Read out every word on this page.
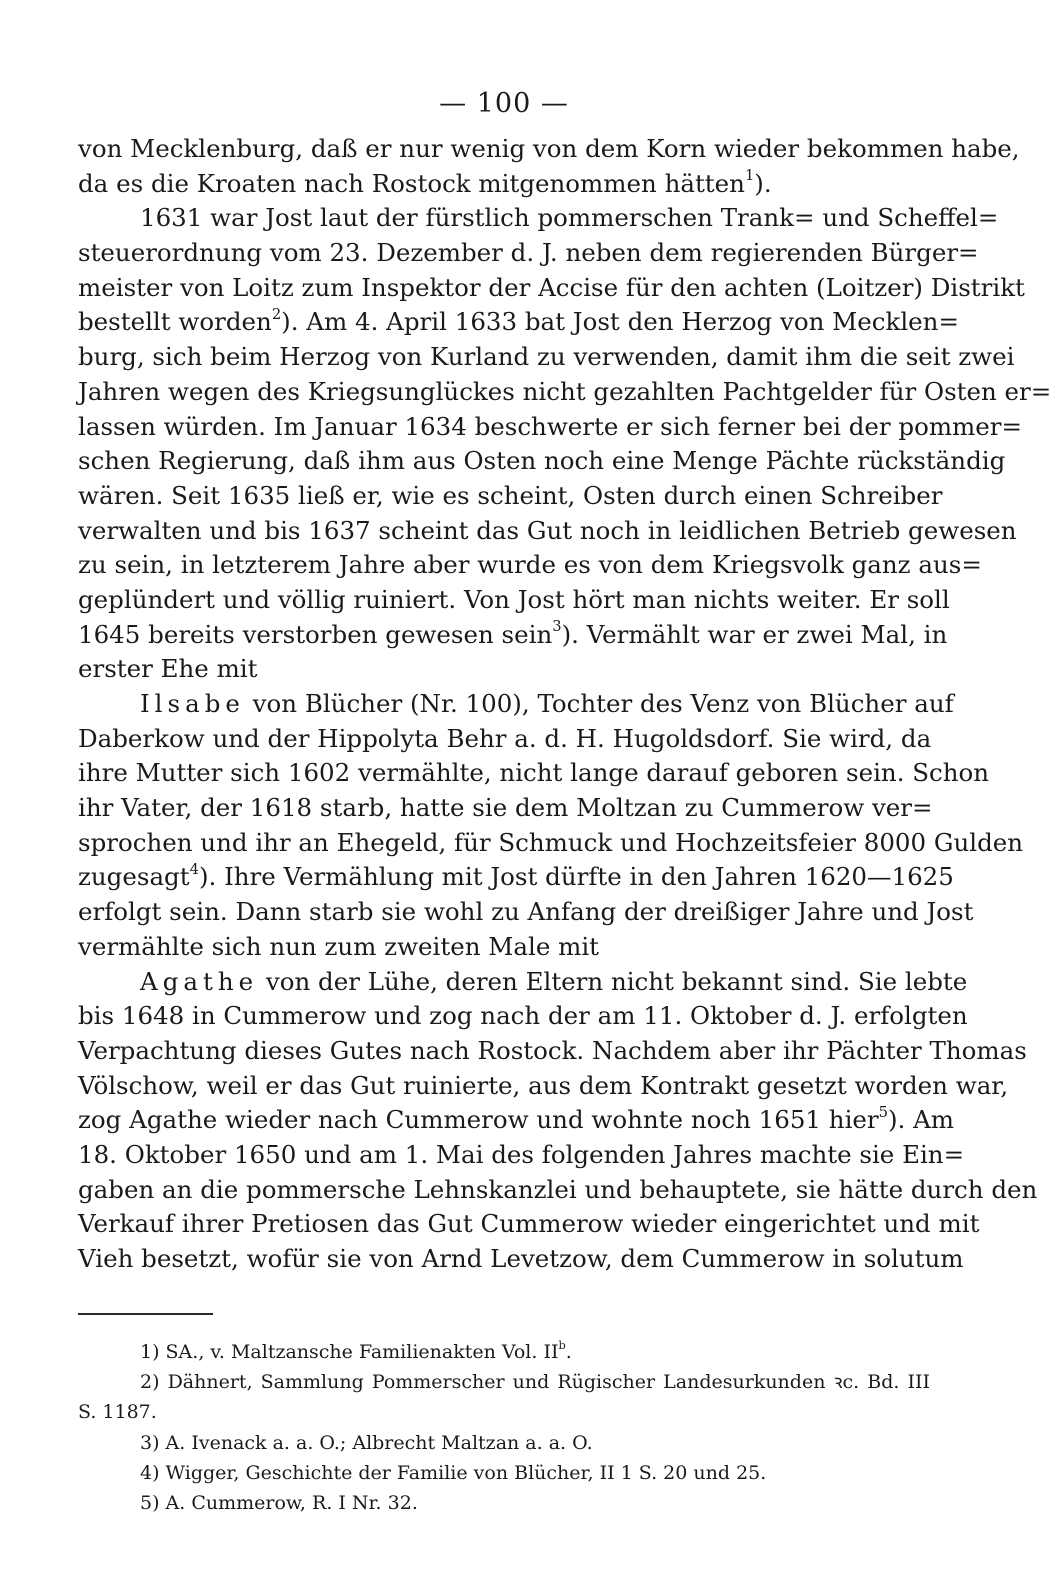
— 100 —
von Mecklenburg, daß er nur wenig von dem Korn wieder bekommen habe,
da es die Kroaten nach Rostock mitgenommen hätten$^1$).
1631 war Jost laut der fürstlich pommerschen Trank= und Scheffel=
steuerordnung vom 23. Dezember d. J. neben dem regierenden Bürger=
meister von Loitz zum Inspektor der Accise für den achten (Loitzer) Distrikt
bestellt worden$^2$). Am 4. April 1633 bat Jost den Herzog von Mecklen=
burg, sich beim Herzog von Kurland zu verwenden, damit ihm die seit zwei
Jahren wegen des Kriegsunglückes nicht gezahlten Pachtgelder für Osten er=
lassen würden. Im Januar 1634 beschwerte er sich ferner bei der pommer=
schen Regierung, daß ihm aus Osten noch eine Menge Pächte rückständig
wären. Seit 1635 ließ er, wie es scheint, Osten durch einen Schreiber
verwalten und bis 1637 scheint das Gut noch in leidlichen Betrieb gewesen
zu sein, in letzterem Jahre aber wurde es von dem Kriegsvolk ganz aus=
geplündert und völlig ruiniert. Von Jost hört man nichts weiter. Er soll
1645 bereits verstorben gewesen sein$^3$). Vermählt war er zwei Mal, in
erster Ehe mit
Ilsabe von Blücher (Nr. 100), Tochter des Venz von Blücher auf
Daberkow und der Hippolyta Behr a. d. H. Hugoldsdorf. Sie wird, da
ihre Mutter sich 1602 vermählte, nicht lange darauf geboren sein. Schon
ihr Vater, der 1618 starb, hatte sie dem Moltzan zu Cummerow ver=
sprochen und ihr an Ehegeld, für Schmuck und Hochzeitsfeier 8000 Gulden
zugesagt$^4$). Ihre Vermählung mit Jost dürfte in den Jahren 1620—1625
erfolgt sein. Dann starb sie wohl zu Anfang der dreißiger Jahre und Jost
vermählte sich nun zum zweiten Male mit
Agathe von der Lühe, deren Eltern nicht bekannt sind. Sie lebte
bis 1648 in Cummerow und zog nach der am 11. Oktober d. J. erfolgten
Verpachtung dieses Gutes nach Rostock. Nachdem aber ihr Pächter Thomas
Völschow, weil er das Gut ruinierte, aus dem Kontrakt gesetzt worden war,
zog Agathe wieder nach Cummerow und wohnte noch 1651 hier$^5$). Am
18. Oktober 1650 und am 1. Mai des folgenden Jahres machte sie Ein=
gaben an die pommersche Lehnskanzlei und behauptete, sie hätte durch den
Verkauf ihrer Pretiosen das Gut Cummerow wieder eingerichtet und mit
Vieh besetzt, wofür sie von Arnd Levetzow, dem Cummerow in solutum
1) SA., v. Maltzansche Familienakten Vol. $II^b$.
2) Dähnert, Sammlung Pommerscher und Rügischer Landesurkunden ꝛc. Bd. III
S. 1187.
3) A. Ivenack a. a. O.; Albrecht Maltzan a. a. O.
4) Wigger, Geschichte der Familie von Blücher, II 1 S. 20 und 25.
5) A. Cummerow, R. I Nr. 32.
